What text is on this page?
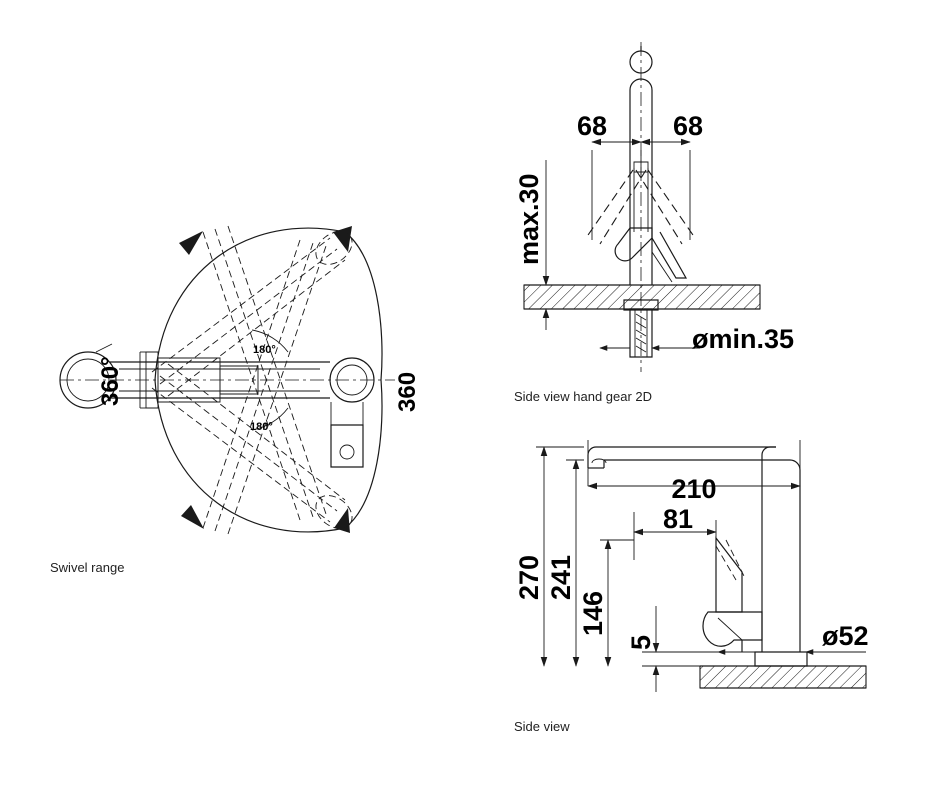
180°
180°
68 68
max.30
ømin.35
210
81
270 241
146
5	ø52
360°	360
Swivel range
Side view hand gear 2D
Side view
